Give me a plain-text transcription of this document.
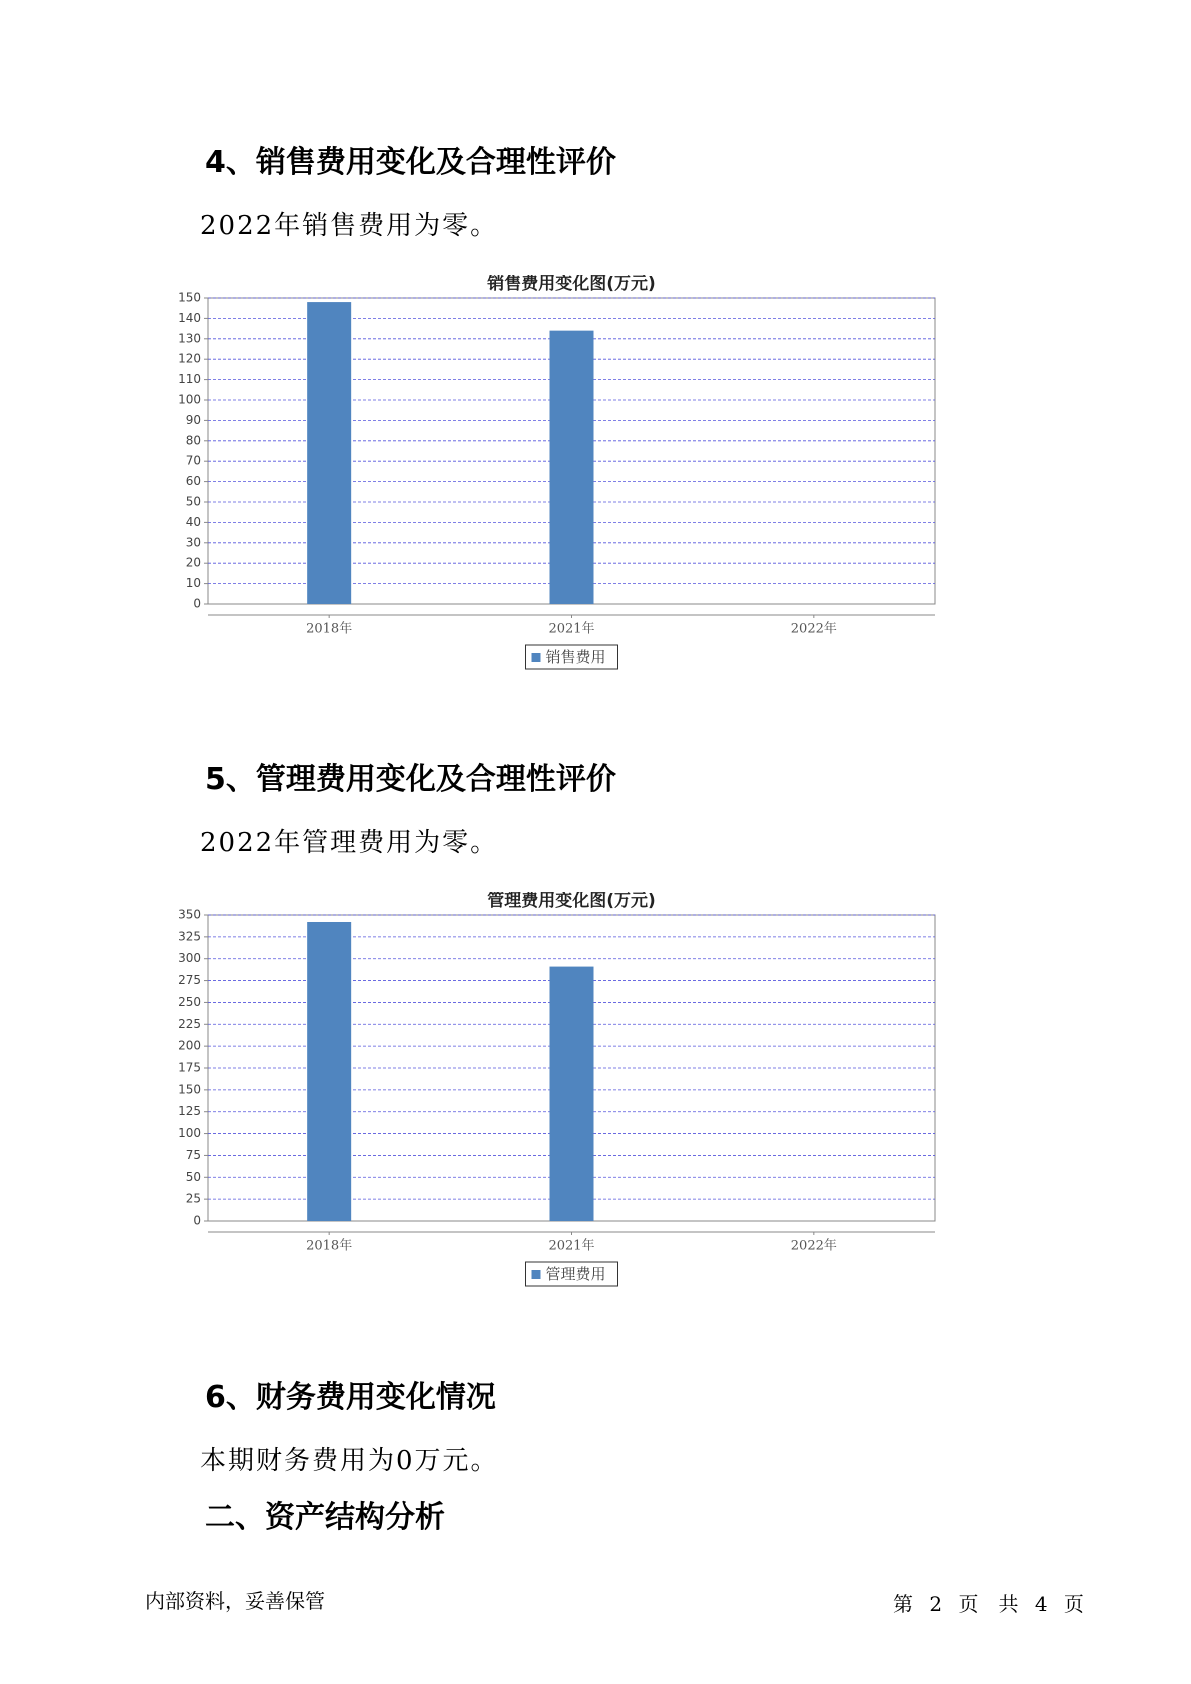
4、销售费用变化及合理性评价

2022年销售费用为零。

销售费用变化图(万元)
0
10
20
30
40
50
60
70
80
90
100
110
120
130
140
150
2018年	2021年	2022年
销售费用
5、管理费用变化及合理性评价

2022年管理费用为零。

管理费用变化图(万元)
0
25
50
75
100
125
150
175
200
225
250
275
300
325
350
2018年	2021年	2022年
管理费用
6、财务费用变化情况

本期财务费用为0万元。

二、资产结构分析
内部资料，妥善保管	第 2 页　共 4 页
